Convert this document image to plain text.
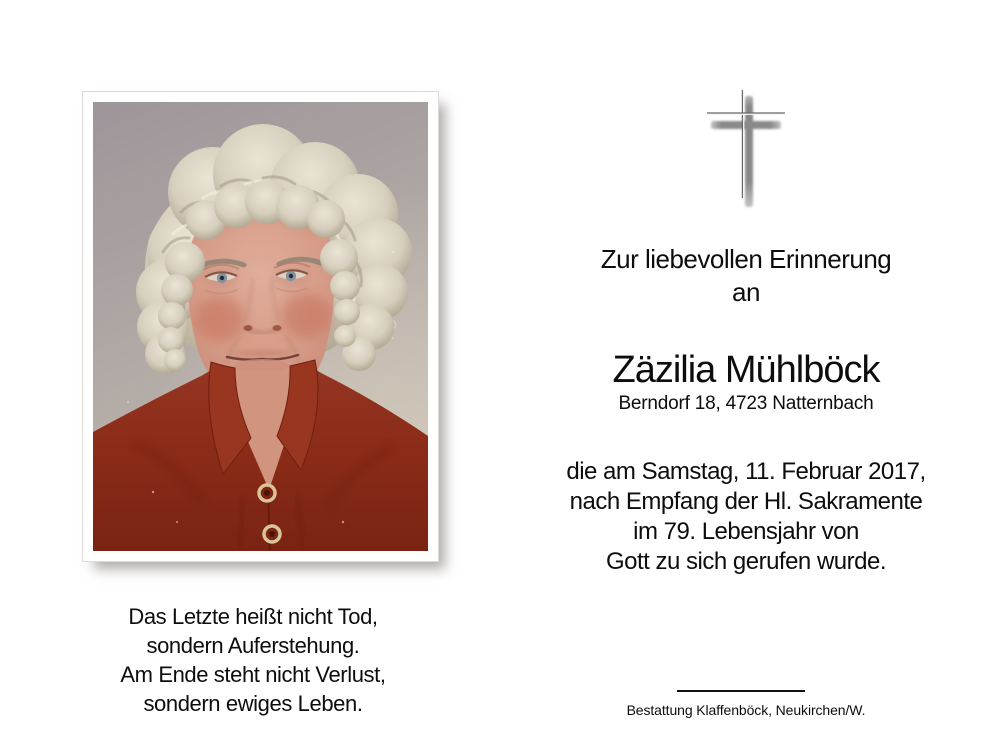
Das Letzte heißt nicht Tod,
sondern Auferstehung.
Am Ende steht nicht Verlust,
sondern ewiges Leben.
Zur liebevollen Erinnerung
an
Zäzilia Mühlböck
Berndorf 18, 4723 Natternbach
die am Samstag, 11. Februar 2017,
nach Empfang der Hl. Sakramente
im 79. Lebensjahr von
Gott zu sich gerufen wurde.
Bestattung Klaffenböck, Neukirchen/W.
